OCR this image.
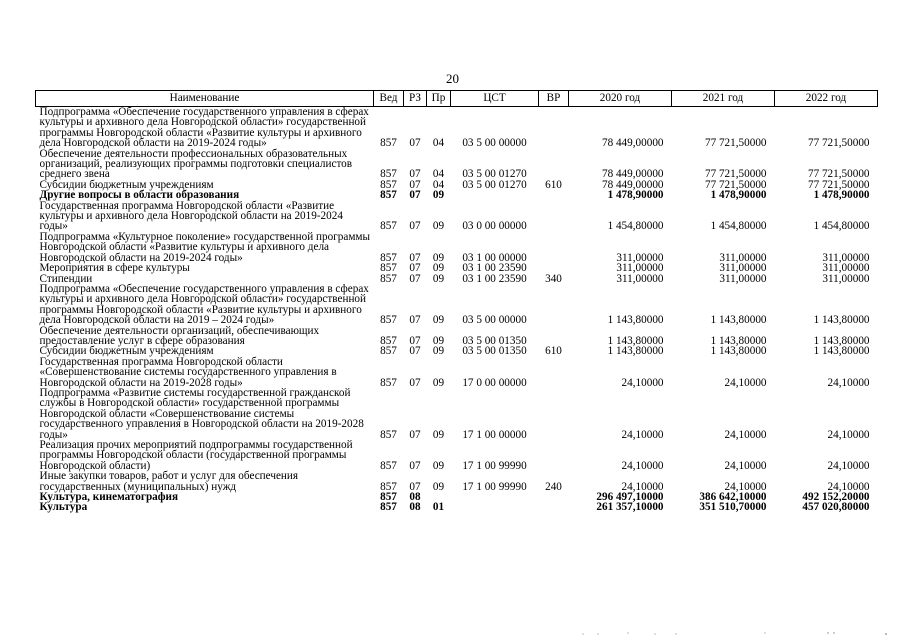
20
Наименование	Вед	РЗ	Пр	ЦСТ	ВР	2020 год	2021 год	2022 год
Подпрограмма «Обеспечение государственного управления в сферах культуры и архивного дела Новгородской области» государственной программы Новгородской области «Развитие культуры и архивного дела Новгородской области на 2019-2024 годы»	857	07	04	03 5 00 00000		78 449,00000	77 721,50000	77 721,50000
Обеспечение деятельности профессиональных образовательных организаций, реализующих программы подготовки специалистов среднего звена	857	07	04	03 5 00 01270		78 449,00000	77 721,50000	77 721,50000
Субсидии бюджетным учреждениям	857	07	04	03 5 00 01270	610	78 449,00000	77 721,50000	77 721,50000
Другие вопросы в области образования	857	07	09			1 478,90000	1 478,90000	1 478,90000
Государственная программа Новгородской области «Развитие культуры и архивного дела Новгородской области на 2019-2024 годы»	857	07	09	03 0 00 00000		1 454,80000	1 454,80000	1 454,80000
Подпрограмма «Культурное поколение» государственной программы Новгородской области «Развитие культуры и архивного дела Новгородской области на 2019-2024 годы»	857	07	09	03 1 00 00000		311,00000	311,00000	311,00000
Мероприятия в сфере культуры	857	07	09	03 1 00 23590		311,00000	311,00000	311,00000
Стипендии	857	07	09	03 1 00 23590	340	311,00000	311,00000	311,00000
Подпрограмма «Обеспечение государственного управления в сферах культуры и архивного дела Новгородской области» государственной программы Новгородской области «Развитие культуры и архивного дела Новгородской области на 2019 – 2024 годы»	857	07	09	03 5 00 00000		1 143,80000	1 143,80000	1 143,80000
Обеспечение деятельности организаций, обеспечивающих предоставление услуг в сфере образования	857	07	09	03 5 00 01350		1 143,80000	1 143,80000	1 143,80000
Субсидии бюджетным учреждениям	857	07	09	03 5 00 01350	610	1 143,80000	1 143,80000	1 143,80000
Государственная программа Новгородской области «Совершенствование системы государственного управления в Новгородской области на 2019-2028 годы»	857	07	09	17 0 00 00000		24,10000	24,10000	24,10000
Подпрограмма «Развитие системы государственной гражданской службы в Новгородской области» государственной программы Новгородской области «Совершенствование системы государственного управления в Новгородской области на 2019-2028 годы»	857	07	09	17 1 00 00000		24,10000	24,10000	24,10000
Реализация прочих мероприятий подпрограммы государственной программы Новгородской области (государственной программы Новгородской области)	857	07	09	17 1 00 99990		24,10000	24,10000	24,10000
Иные закупки товаров, работ и услуг для обеспечения государственных (муниципальных) нужд	857	07	09	17 1 00 99990	240	24,10000	24,10000	24,10000
Культура, кинематография	857	08				296 497,10000	386 642,10000	492 152,20000
Культура	857	08	01			261 357,10000	351 510,70000	457 020,80000
